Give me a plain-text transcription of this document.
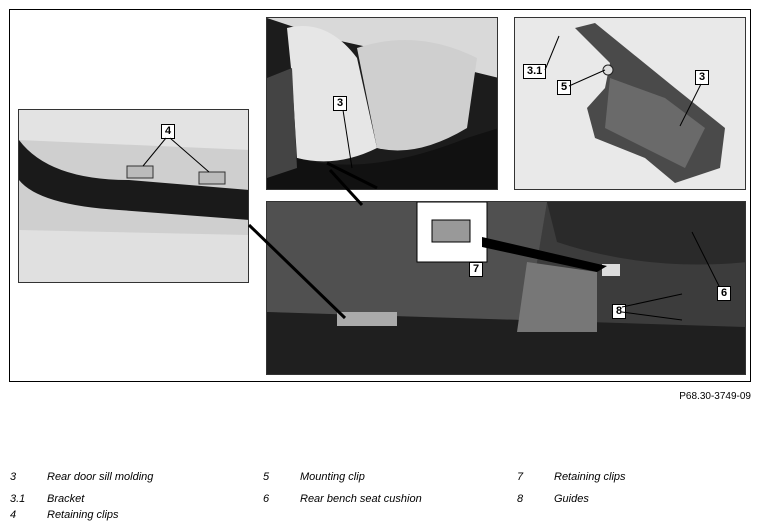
3
3.1
5
3
4
7
6
8
P68.30-3749-09
3	Rear door sill molding	5	Mounting clip	7	Retaining clips
3.1 Bracket	6	Rear bench seat cushion	8	Guides
4	Retaining clips
